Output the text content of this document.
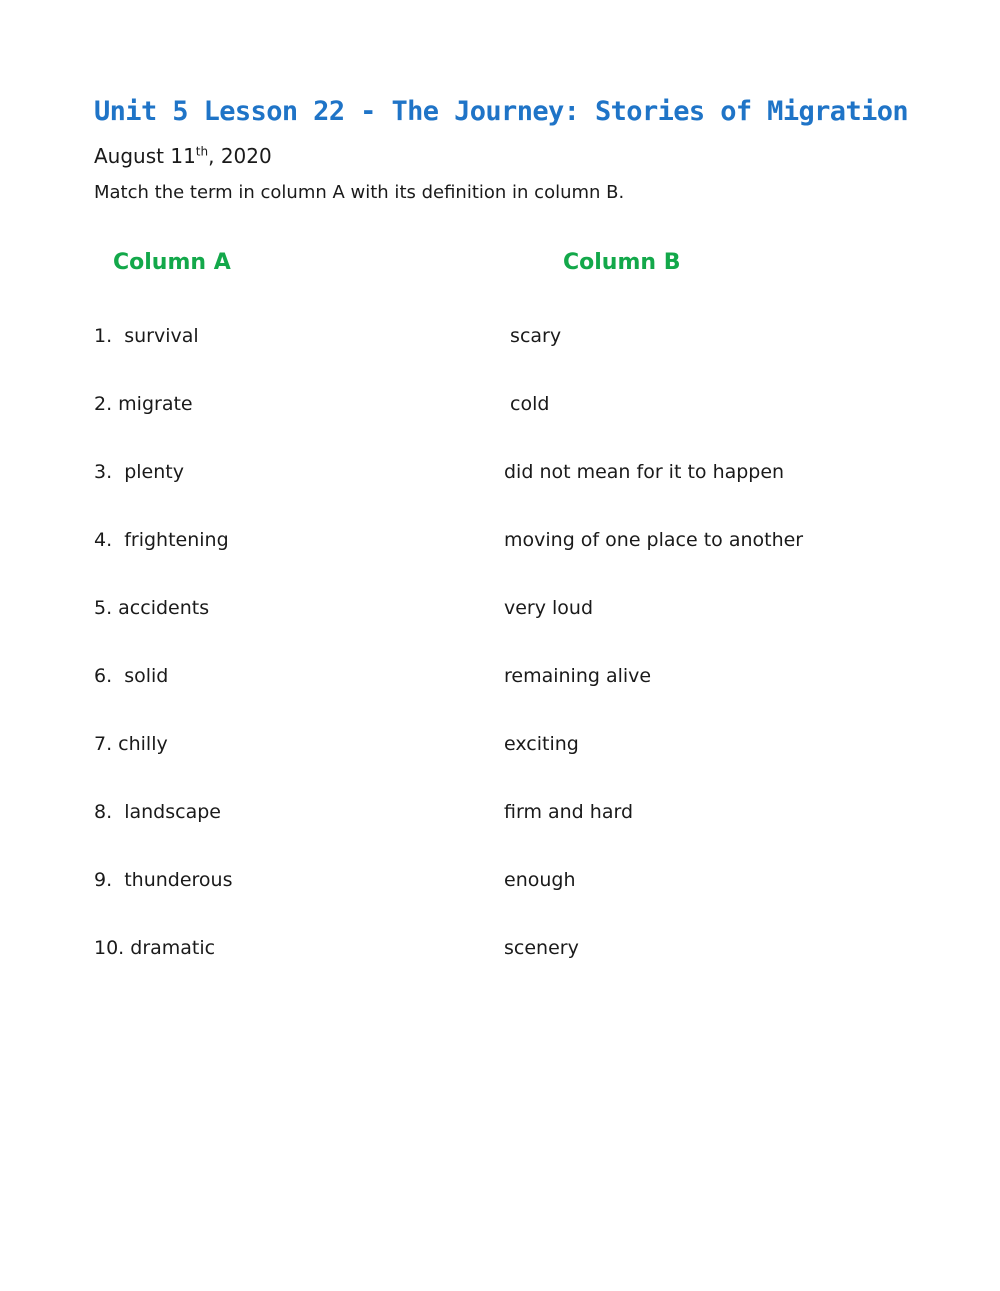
Unit 5 Lesson 22 - The Journey: Stories of Migration
August 11th, 2020
Match the term in column A with its definition in column B.
Column A	Column B
1.  survival	scary
2. migrate	cold
3.  plenty	did not mean for it to happen
4.  frightening	moving of one place to another
5. accidents	very loud
6.  solid	remaining alive
7. chilly	exciting
8.  landscape	firm and hard
9.  thunderous	enough
10. dramatic	scenery
